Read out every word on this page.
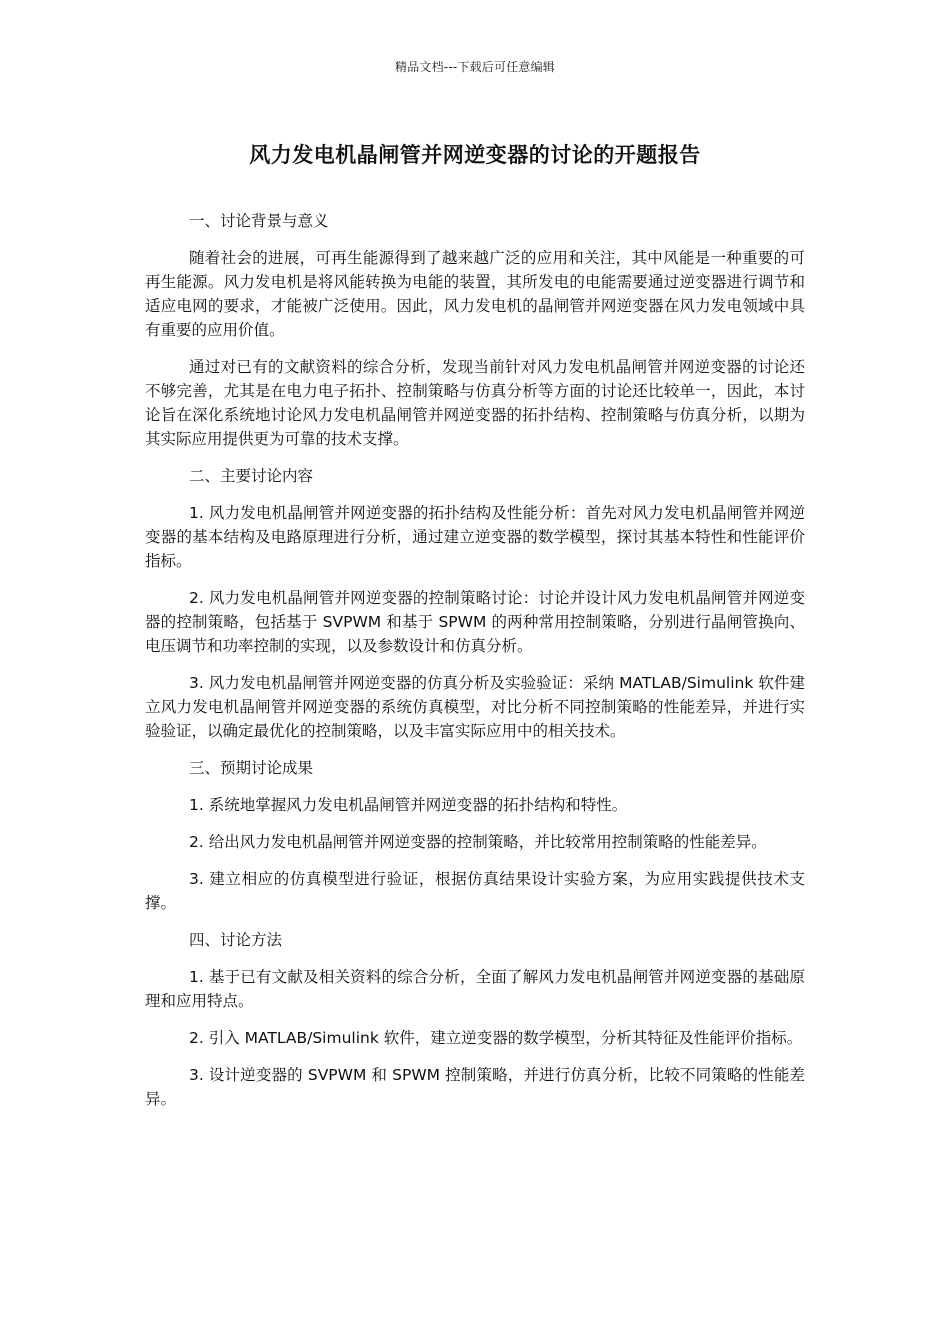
精品文档---下载后可任意编辑
风力发电机晶闸管并网逆变器的讨论的开题报告
一、讨论背景与意义

随着社会的进展，可再生能源得到了越来越广泛的应用和关注，其中风能是一种重要的可再生能源。风力发电机是将风能转换为电能的装置，其所发电的电能需要通过逆变器进行调节和适应电网的要求，才能被广泛使用。因此，风力发电机的晶闸管并网逆变器在风力发电领域中具有重要的应用价值。

通过对已有的文献资料的综合分析，发现当前针对风力发电机晶闸管并网逆变器的讨论还不够完善，尤其是在电力电子拓扑、控制策略与仿真分析等方面的讨论还比较单一，因此，本讨论旨在深化系统地讨论风力发电机晶闸管并网逆变器的拓扑结构、控制策略与仿真分析，以期为其实际应用提供更为可靠的技术支撑。

二、主要讨论内容

1. 风力发电机晶闸管并网逆变器的拓扑结构及性能分析：首先对风力发电机晶闸管并网逆变器的基本结构及电路原理进行分析，通过建立逆变器的数学模型，探讨其基本特性和性能评价指标。

2. 风力发电机晶闸管并网逆变器的控制策略讨论：讨论并设计风力发电机晶闸管并网逆变器的控制策略，包括基于 SVPWM 和基于 SPWM 的两种常用控制策略，分别进行晶闸管换向、电压调节和功率控制的实现，以及参数设计和仿真分析。

3. 风力发电机晶闸管并网逆变器的仿真分析及实验验证：采纳 MATLAB/Simulink 软件建立风力发电机晶闸管并网逆变器的系统仿真模型，对比分析不同控制策略的性能差异，并进行实验验证，以确定最优化的控制策略，以及丰富实际应用中的相关技术。

三、预期讨论成果

1. 系统地掌握风力发电机晶闸管并网逆变器的拓扑结构和特性。

2. 给出风力发电机晶闸管并网逆变器的控制策略，并比较常用控制策略的性能差异。

3. 建立相应的仿真模型进行验证，根据仿真结果设计实验方案，为应用实践提供技术支撑。

四、讨论方法

1. 基于已有文献及相关资料的综合分析，全面了解风力发电机晶闸管并网逆变器的基础原理和应用特点。

2. 引入 MATLAB/Simulink 软件，建立逆变器的数学模型，分析其特征及性能评价指标。

3. 设计逆变器的 SVPWM 和 SPWM 控制策略，并进行仿真分析，比较不同策略的性能差异。
